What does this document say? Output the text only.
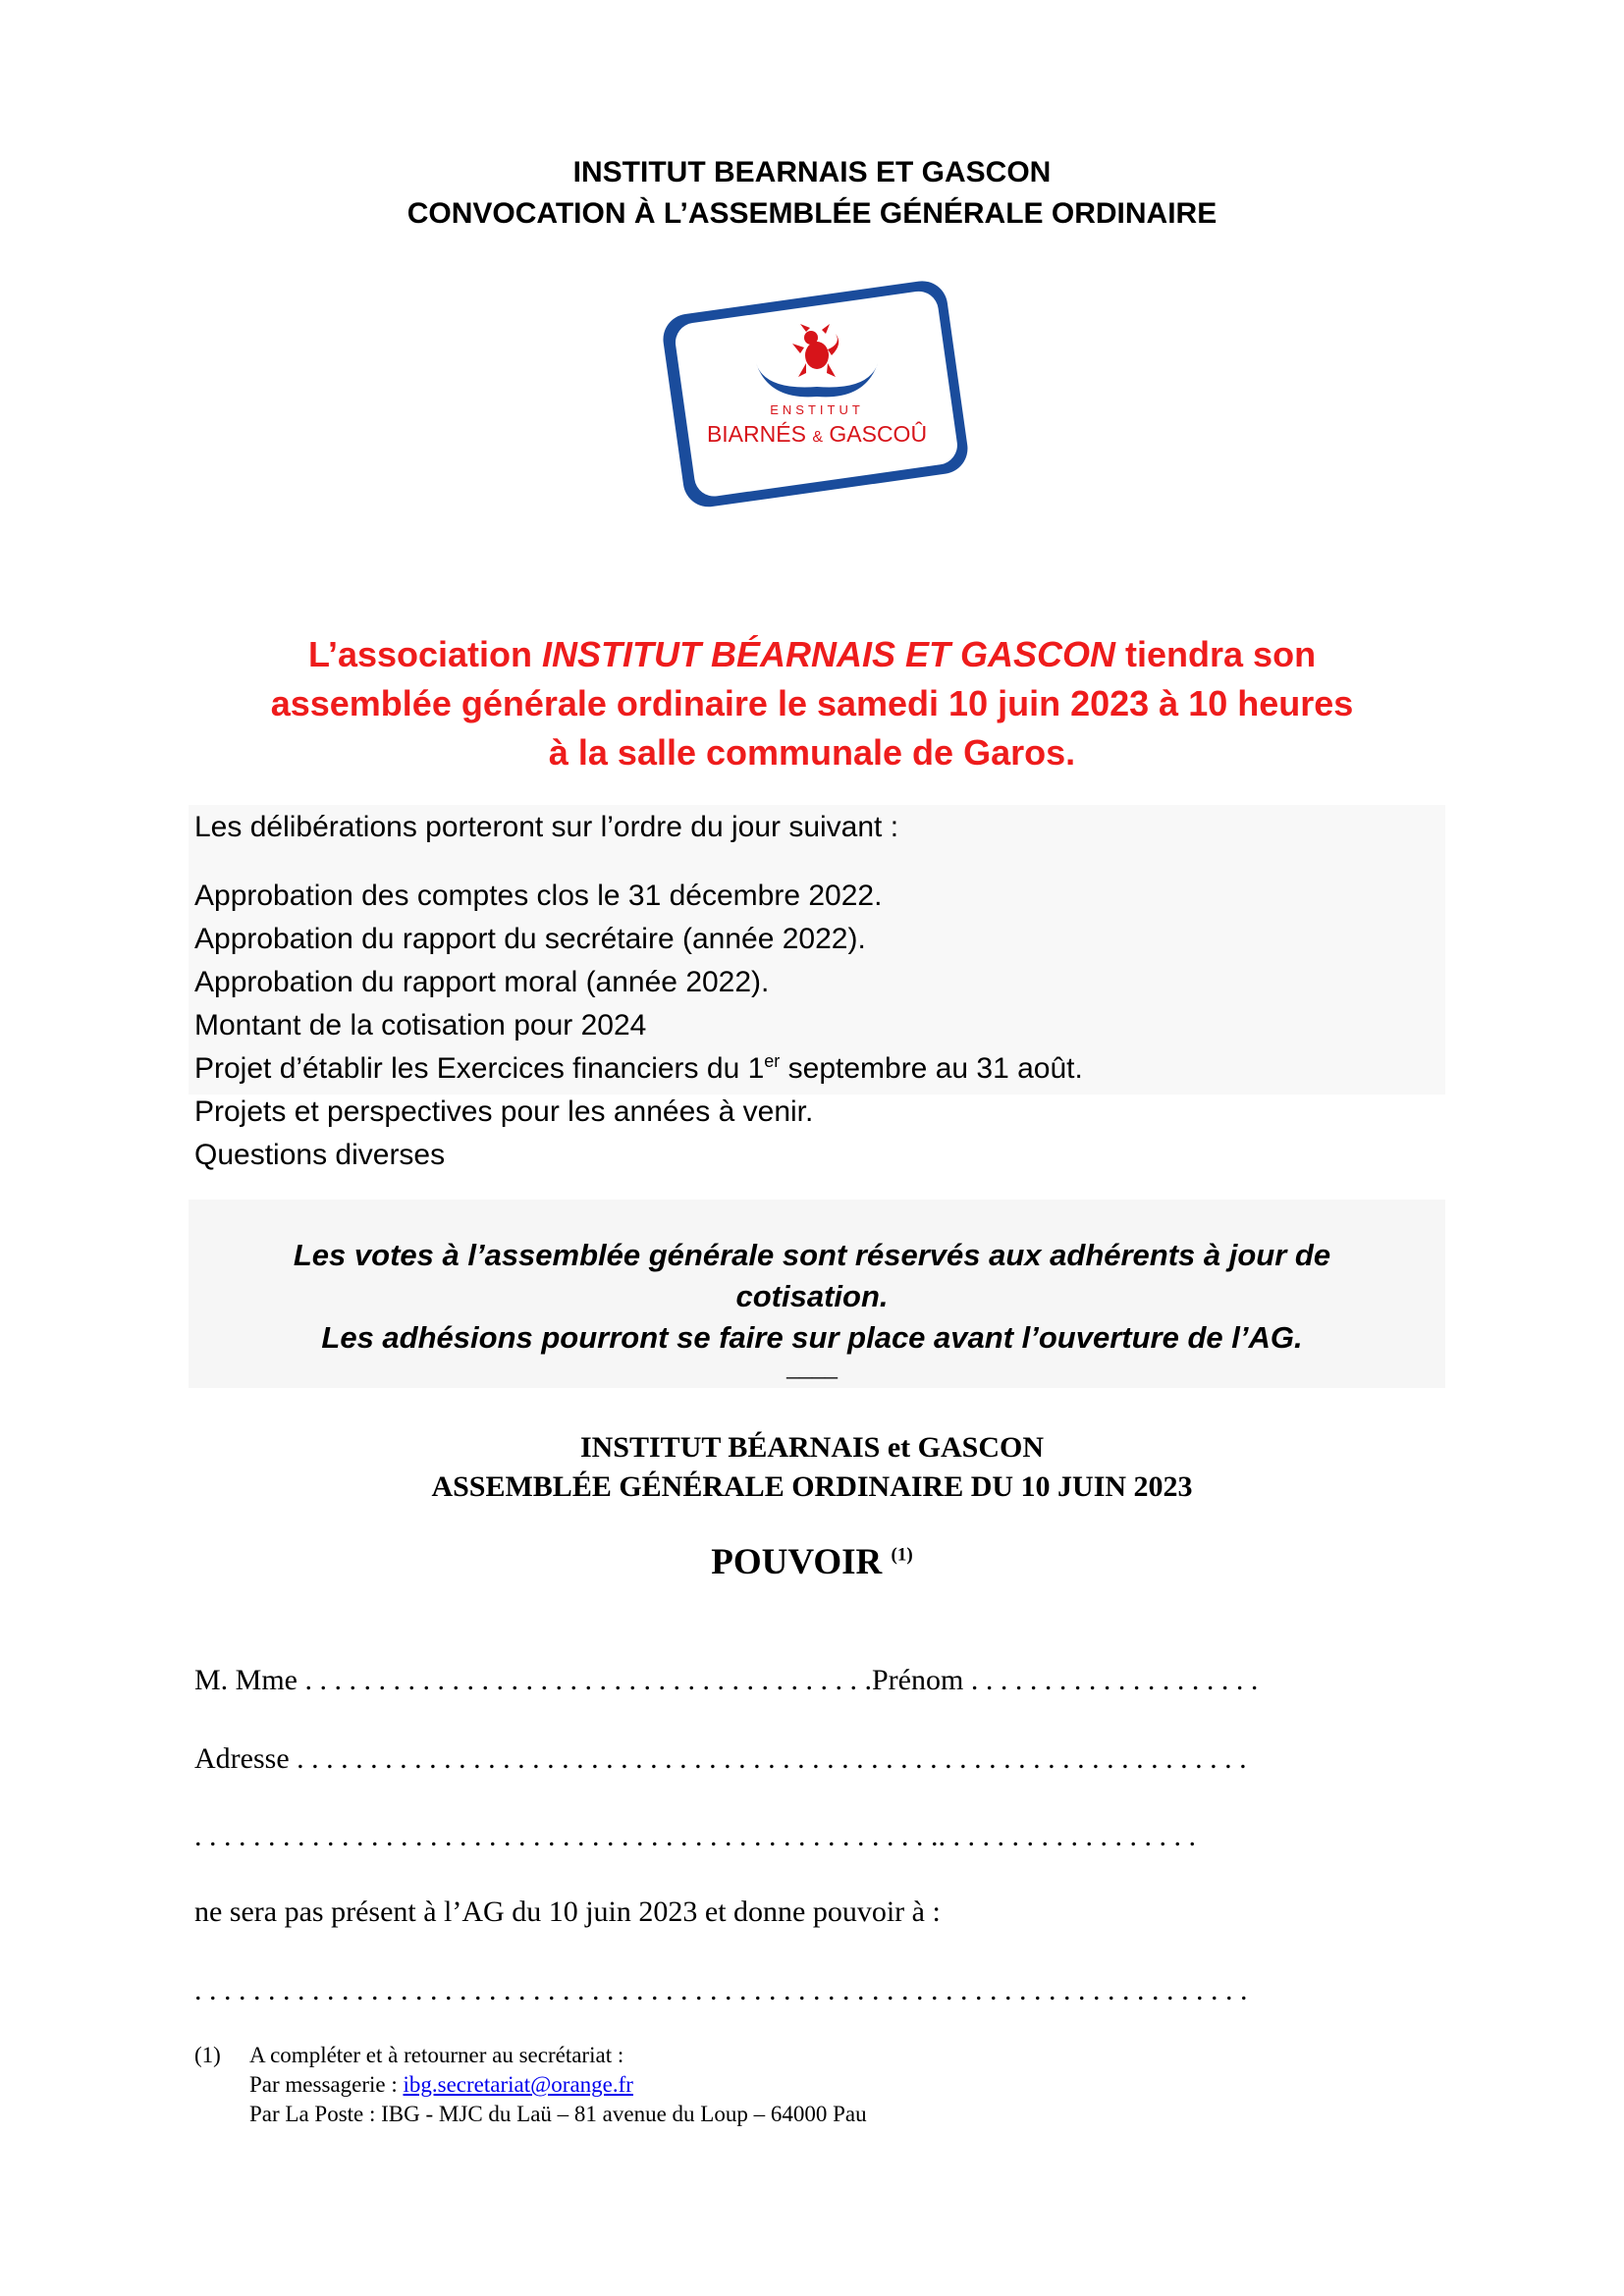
INSTITUT BEARNAIS ET GASCON
CONVOCATION À L’ASSEMBLÉE GÉNÉRALE ORDINAIRE
ENSTITUT
BIARNÉS & GASCOÛ
L’association INSTITUT BÉARNAIS ET GASCON tiendra son
assemblée générale ordinaire le samedi 10 juin 2023 à 10 heures
à la salle communale de Garos.
Les délibérations porteront sur l’ordre du jour suivant :
Approbation des comptes clos le 31 décembre 2022.
Approbation du rapport du secrétaire (année 2022).
Approbation du rapport moral (année 2022).
Montant de la cotisation pour 2024
Projet d’établir les Exercices financiers du 1er septembre au 31 août.
Projets et perspectives pour les années à venir.
Questions diverses
Les votes à l’assemblée générale sont réservés aux adhérents à jour de
cotisation.
Les adhésions pourront se faire sur place avant l’ouverture de l’AG.
____
INSTITUT BÉARNAIS et GASCON
ASSEMBLÉE GÉNÉRALE ORDINAIRE DU 10 JUIN 2023
POUVOIR $^{(1)}$
M. Mme . . . . . . . . . . . . . . . . . . . . . . . . . . . . . . . . . . . . . . .Prénom . . . . . . . . . . . . . . . . . . . .
Adresse . . . . . . . . . . . . . . . . . . . . . . . . . . . . . . . . . . . . . . . . . . . . . . . . . . . . . . . . . . . . . . . . .
. . . . . . . . . . . . . . . . . . . . . . . . . . . . . . . . . . . . . . . . . . . . . . . . . . .. . . . . . . . . . . . . . . . . .
ne sera pas présent à l’AG du 10 juin 2023 et donne pouvoir à :
. . . . . . . . . . . . . . . . . . . . . . . . . . . . . . . . . . . . . . . . . . . . . . . . . . . . . . . . . . . . . . . . . . . . . . . .
(1) A compléter et à retourner au secrétariat :
Par messagerie : ibg.secretariat@orange.fr
Par La Poste : IBG - MJC du Laü – 81 avenue du Loup – 64000 Pau
